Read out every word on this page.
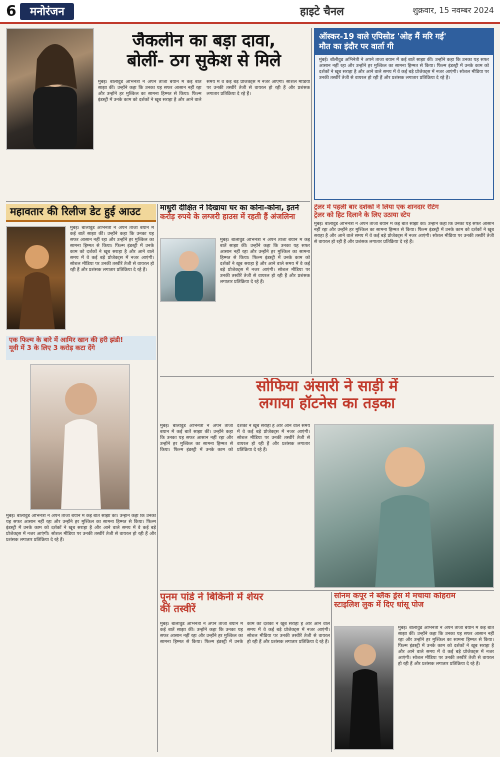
6	मनोरंजन	हाइटे चैनल	शुक्रवार, 15 नवम्बर 2024
जैकलीन का बड़ा दावा,
बोलीं- ठग सुकेश से मिले
मुंबई। बॉलीवुड अभिनेत्री ने अपने ताजा बयान में कई बातें साझा कीं। उन्होंने कहा कि उनका यह सफर आसान नहीं रहा और उन्होंने हर मुश्किल का सामना हिम्मत से किया। फिल्म इंडस्ट्री में उनके काम को दर्शकों ने खूब सराहा है और आने वाले समय में वे कई बड़े प्रोजेक्ट्स में नजर आएंगी। सोशल मीडिया पर उनकी तस्वीरें तेजी से वायरल हो रही हैं और प्रशंसक लगातार प्रतिक्रिया दे रहे हैं।
ऑस्कर-19 वाले एपिसोड 'ओह मैं मरि गई'
मौत का इंदौर पर वार्ता गी
मुंबई। बॉलीवुड अभिनेत्री ने अपने ताजा बयान में कई बातें साझा कीं। उन्होंने कहा कि उनका यह सफर आसान नहीं रहा और उन्होंने हर मुश्किल का सामना हिम्मत से किया। फिल्म इंडस्ट्री में उनके काम को दर्शकों ने खूब सराहा है और आने वाले समय में वे कई बड़े प्रोजेक्ट्स में नजर आएंगी। सोशल मीडिया पर उनकी तस्वीरें तेजी से वायरल हो रही हैं और प्रशंसक लगातार प्रतिक्रिया दे रहे हैं।
ट्रेलर में पहली बार दर्शकों ने लिया एक शानदार रेटिंग
ट्रेलर को हिट दिलाने के लिए उठाया स्टेप
मुंबई। बॉलीवुड अभिनेत्री ने अपने ताजा बयान में कई बातें साझा कीं। उन्होंने कहा कि उनका यह सफर आसान नहीं रहा और उन्होंने हर मुश्किल का सामना हिम्मत से किया। फिल्म इंडस्ट्री में उनके काम को दर्शकों ने खूब सराहा है और आने वाले समय में वे कई बड़े प्रोजेक्ट्स में नजर आएंगी। सोशल मीडिया पर उनकी तस्वीरें तेजी से वायरल हो रही हैं और प्रशंसक लगातार प्रतिक्रिया दे रहे हैं।
महावतार की रिलीज डेट हुई आउट
मुंबई। बॉलीवुड अभिनेत्री ने अपने ताजा बयान में कई बातें साझा कीं। उन्होंने कहा कि उनका यह सफर आसान नहीं रहा और उन्होंने हर मुश्किल का सामना हिम्मत से किया। फिल्म इंडस्ट्री में उनके काम को दर्शकों ने खूब सराहा है और आने वाले समय में वे कई बड़े प्रोजेक्ट्स में नजर आएंगी। सोशल मीडिया पर उनकी तस्वीरें तेजी से वायरल हो रही हैं और प्रशंसक लगातार प्रतिक्रिया दे रहे हैं।
माधुरी दीक्षित ने दिखाया घर का कोना-कोना, इतने
करोड़ रुपये के लग्जरी हाउस में रहती हैं अंजलिना
मुंबई। बॉलीवुड अभिनेत्री ने अपने ताजा बयान में कई बातें साझा कीं। उन्होंने कहा कि उनका यह सफर आसान नहीं रहा और उन्होंने हर मुश्किल का सामना हिम्मत से किया। फिल्म इंडस्ट्री में उनके काम को दर्शकों ने खूब सराहा है और आने वाले समय में वे कई बड़े प्रोजेक्ट्स में नजर आएंगी। सोशल मीडिया पर उनकी तस्वीरें तेजी से वायरल हो रही हैं और प्रशंसक लगातार प्रतिक्रिया दे रहे हैं।
एक फिल्म के बारे में आमिर खान की हरी झंडी!
मूवी में 3 के लिए 3 करोड़ कटा देंगे
मुंबई। बॉलीवुड अभिनेत्री ने अपने ताजा बयान में कई बातें साझा कीं। उन्होंने कहा कि उनका यह सफर आसान नहीं रहा और उन्होंने हर मुश्किल का सामना हिम्मत से किया। फिल्म इंडस्ट्री में उनके काम को दर्शकों ने खूब सराहा है और आने वाले समय में वे कई बड़े प्रोजेक्ट्स में नजर आएंगी। सोशल मीडिया पर उनकी तस्वीरें तेजी से वायरल हो रही हैं और प्रशंसक लगातार प्रतिक्रिया दे रहे हैं।
सोफिया अंसारी ने साड़ी में
लगाया हॉटनेस का तड़का
मुंबई। बॉलीवुड अभिनेत्री ने अपने ताजा बयान में कई बातें साझा कीं। उन्होंने कहा कि उनका यह सफर आसान नहीं रहा और उन्होंने हर मुश्किल का सामना हिम्मत से किया। फिल्म इंडस्ट्री में उनके काम को दर्शकों ने खूब सराहा है और आने वाले समय में वे कई बड़े प्रोजेक्ट्स में नजर आएंगी। सोशल मीडिया पर उनकी तस्वीरें तेजी से वायरल हो रही हैं और प्रशंसक लगातार प्रतिक्रिया दे रहे हैं।
पूनम पांडे ने बिकिनी में शेयर
कीं तस्वीरें
मुंबई। बॉलीवुड अभिनेत्री ने अपने ताजा बयान में कई बातें साझा कीं। उन्होंने कहा कि उनका यह सफर आसान नहीं रहा और उन्होंने हर मुश्किल का सामना हिम्मत से किया। फिल्म इंडस्ट्री में उनके काम को दर्शकों ने खूब सराहा है और आने वाले समय में वे कई बड़े प्रोजेक्ट्स में नजर आएंगी। सोशल मीडिया पर उनकी तस्वीरें तेजी से वायरल हो रही हैं और प्रशंसक लगातार प्रतिक्रिया दे रहे हैं।
सोनम कपूर ने ब्लैक ड्रेस में मचाया कोहराम
स्टाइलिश लुक में दिए धांसू पोज
मुंबई। बॉलीवुड अभिनेत्री ने अपने ताजा बयान में कई बातें साझा कीं। उन्होंने कहा कि उनका यह सफर आसान नहीं रहा और उन्होंने हर मुश्किल का सामना हिम्मत से किया। फिल्म इंडस्ट्री में उनके काम को दर्शकों ने खूब सराहा है और आने वाले समय में वे कई बड़े प्रोजेक्ट्स में नजर आएंगी। सोशल मीडिया पर उनकी तस्वीरें तेजी से वायरल हो रही हैं और प्रशंसक लगातार प्रतिक्रिया दे रहे हैं।
